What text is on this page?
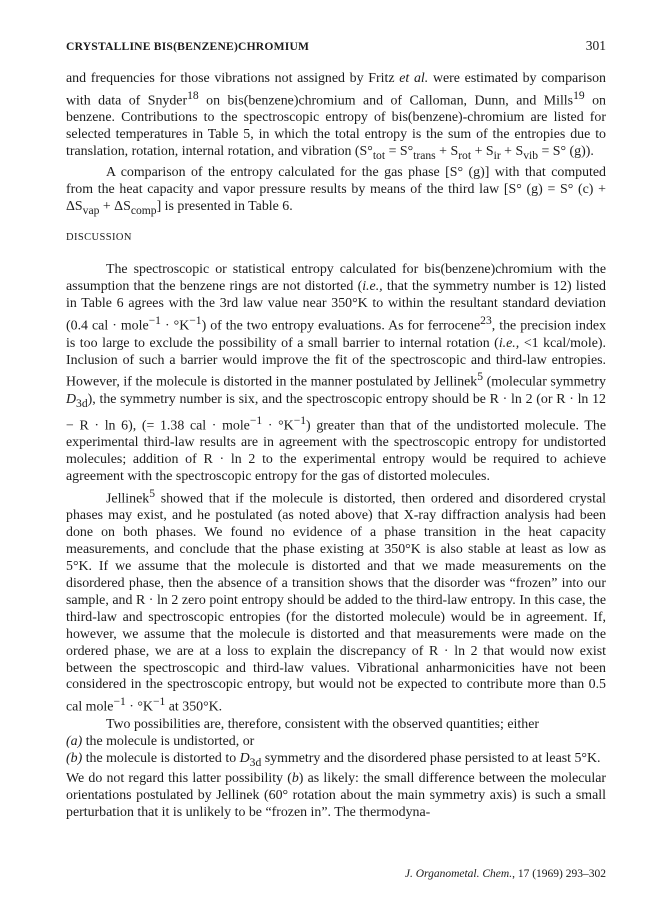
CRYSTALLINE BIS(BENZENE)CHROMIUM	301

and frequencies for those vibrations not assigned by Fritz et al. were estimated by comparison with data of Snyder$^{18}$ on bis(benzene)chromium and of Calloman, Dunn, and Mills$^{19}$ on benzene. Contributions to the spectroscopic entropy of bis(benzene)-chromium are listed for selected temperatures in Table 5, in which the total entropy is the sum of the entropies due to translation, rotation, internal rotation, and vibration ($S^\circ_{tot} = S^\circ_{trans} + S_{rot} + S_{ir} + S_{vib} = S^\circ$ (g)).

A comparison of the entropy calculated for the gas phase [S° (g)] with that computed from the heat capacity and vapor pressure results by means of the third law [S° (g) = S° $(c) + \Delta S_{vap} + \Delta S_{comp}$] is presented in Table 6.

DISCUSSION

The spectroscopic or statistical entropy calculated for bis(benzene)chromium with the assumption that the benzene rings are not distorted (i.e., that the symmetry number is 12) listed in Table 6 agrees with the 3rd law value near 350°K to within the resultant standard deviation (0.4 cal · mole$^{-1}$ · $^\circ K^{-1}$) of the two entropy evaluations. As for ferrocene$^{23}$, the precision index is too large to exclude the possibility of a small barrier to internal rotation (i.e., <1 kcal/mole). Inclusion of such a barrier would improve the fit of the spectroscopic and third-law entropies. However, if the molecule is distorted in the manner postulated by Jellinek$^5$ (molecular symmetry $D_{3d}$), the symmetry number is six, and the spectroscopic entropy should be R · ln 2 (or R · ln 12 − R · ln 6), (= 1.38 cal · mole$^{-1}$ · $^\circ K^{-1}$) greater than that of the undistorted molecule. The experimental third-law results are in agreement with the spectroscopic entropy for undistorted molecules; addition of R · ln 2 to the experimental entropy would be required to achieve agreement with the spectroscopic entropy for the gas of distorted molecules.

Jellinek$^5$ showed that if the molecule is distorted, then ordered and disordered crystal phases may exist, and he postulated (as noted above) that X-ray diffraction analysis had been done on both phases. We found no evidence of a phase transition in the heat capacity measurements, and conclude that the phase existing at 350°K is also stable at least as low as 5°K. If we assume that the molecule is distorted and that we made measurements on the disordered phase, then the absence of a transition shows that the disorder was “frozen” into our sample, and R · ln 2 zero point entropy should be added to the third-law entropy. In this case, the third-law and spectroscopic entropies (for the distorted molecule) would be in agreement. If, however, we assume that the molecule is distorted and that measurements were made on the ordered phase, we are at a loss to explain the discrepancy of R · ln 2 that would now exist between the spectroscopic and third-law values. Vibrational anharmonicities have not been considered in the spectroscopic entropy, but would not be expected to contribute more than 0.5 cal mole$^{-1}$ · $^\circ K^{-1}$ at 350°K.

Two possibilities are, therefore, consistent with the observed quantities; either

(a) the molecule is undistorted, or
(b) the molecule is distorted to $D_{3d}$ symmetry and the disordered phase persisted to at least 5°K.

We do not regard this latter possibility (b) as likely: the small difference between the molecular orientations postulated by Jellinek (60° rotation about the main symmetry axis) is such a small perturbation that it is unlikely to be “frozen in”. The thermodyna-

J. Organometal. Chem., 17 (1969) 293–302
